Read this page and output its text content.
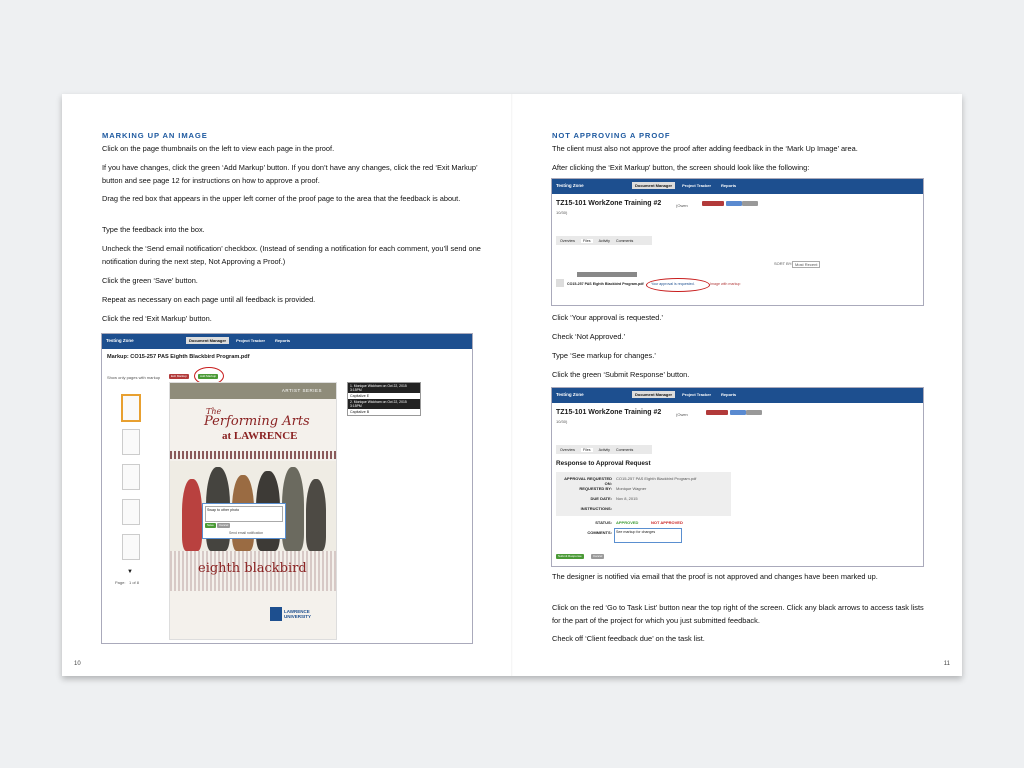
MARKING UP AN IMAGE
Click on the page thumbnails on the left to view each page in the proof.
If you have changes, click the green ‘Add Markup’ button. If you don’t have any changes, click the red ‘Exit Markup’ button and see page 12 for instructions on how to approve a proof.
Drag the red box that appears in the upper left corner of the proof page to the area that the feedback is about.
Type the feedback into the box.
Uncheck the ‘Send email notification’ checkbox. (Instead of sending a notification for each comment, you’ll send one notification during the next step, Not Approving a Proof.)
Click the green ‘Save’ button.
Repeat as necessary on each page until all feedback is provided.
Click the red ‘Exit Markup’ button.
Testing Zone	Document Manager	Project Tracker	Reports
Markup: CO15-257 PAS Eighth Blackbird Program.pdf
Show only pages with markup	Exit Markup	Add Markup
▼
Page: 1 of 8
ARTIST SERIES
The
Performing Arts
at LAWRENCE
Swap to other photo
Save	Cancel
Send email notification
eighth blackbird
LAWRENCE UNIVERSITY
1. Monique Wickham on Oct 22, 2015 3:15PM
Capitalize E
2. Monique Wickham on Oct 22, 2015 3:15PM
Capitalize B
10
NOT APPROVING A PROOF
The client must also not approve the proof after adding feedback in the ‘Mark Up Image’ area.
After clicking the ‘Exit Markup’ button, the screen should look like the following:
Testing Zone	Document Manager	Project Tracker	Reports
TZ15-101 WorkZone Training #2	(Owen
10/30)
Overview	Files	Activity Comments
SORT BY: Most Recent
CO15-257 PAS Eighth Blackbird Program.pdf Your approval is requested.	Image with markup
Click ‘Your approval is requested.’
Check ‘Not Approved.’
Type ‘See markup for changes.’
Click the green ‘Submit Response’ button.
Testing Zone	Document Manager	Project Tracker	Reports
TZ15-101 WorkZone Training #2	(Owen
10/30)
Overview	Files	Activity Comments
Response to Approval Request
APPROVAL REQUESTED ON:
CO15-257 PAS Eighth Blackbird Program.pdf
REQUESTED BY: Monique Wagner
DUE DATE: Nov 8, 2015
INSTRUCTIONS:
STATUS: APPROVED	NOT APPROVED
COMMENTS:	See markup for changes
Submit Response	Cancel
The designer is notified via email that the proof is not approved and changes have been marked up.
Click on the red ‘Go to Task List’ button near the top right of the screen. Click any black arrows to access task lists for the part of the project for which you just submitted feedback.
Check off ‘Client feedback due’ on the task list.
11
